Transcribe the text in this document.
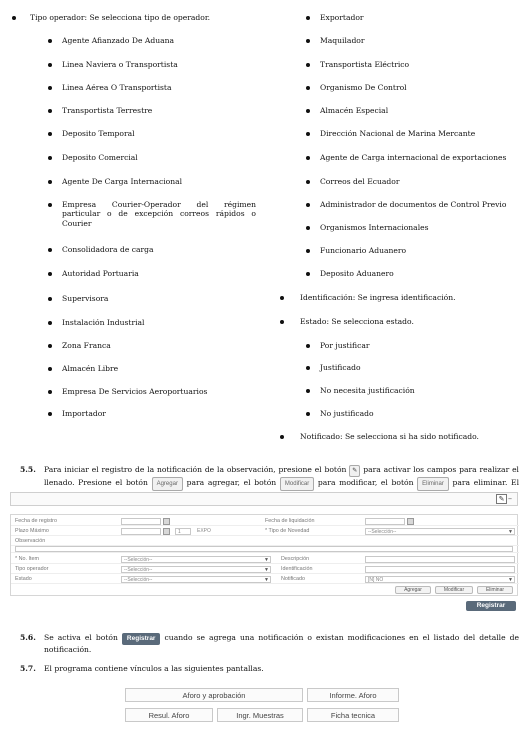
Tipo operador: Se selecciona tipo de operador.
Agente Afianzado De Aduana
Linea Naviera o Transportista
Linea Aérea O Transportista
Transportista Terrestre
Deposito Temporal
Deposito Comercial
Agente De Carga Internacional
Empresa Courier-Operador del régimen particular o de excepción correos rápidos o Courier
Consolidadora de carga
Autoridad Portuaria
Supervisora
Instalación Industrial
Zona Franca
Almacén Libre
Empresa De Servicios Aeroportuarios
Importador
Exportador
Maquilador
Transportista Eléctrico
Organismo De Control
Almacén Especial
Dirección Nacional de Marina Mercante
Agente de Carga internacional de exportaciones
Correos del Ecuador
Administrador de documentos de Control Previo
Organismos Internacionales
Funcionario Aduanero
Deposito Aduanero
Identificación: Se ingresa identificación.
Estado: Se selecciona estado.
Por justificar
Justificado
No necesita justificación
No justificado
Notificado: Se selecciona si ha sido notificado.
5.5. Para iniciar el registro de la notificación de la observación, presione el botón ✎ para activar los campos para realizar el llenado. Presione el botón Agregar para agregar, el botón Modificar para modificar, el botón Eliminar para eliminar. El
✎ –
Fecha de registro	Fecha de liquidación
Plazo Máximo	1	EXPO	* Tipo de Novedad	--Selección--	▼
Observación
* No. Item	--Selección--	▼ Descripción
Tipo operador	--Selección--	▼ Identificación
Estado	--Selección--	▼ Notificado	[N] NO	▼
Agregar	Modificar	Eliminar
Registrar
5.6. Se activa el botón Registrar cuando se agrega una notificación o existan modificaciones en el listado del detalle de notificación.
5.7. El programa contiene vínculos a las siguientes pantallas.
Aforo y aprobación	Informe. Aforo
Resul. Aforo	Ingr. Muestras	Ficha tecnica
